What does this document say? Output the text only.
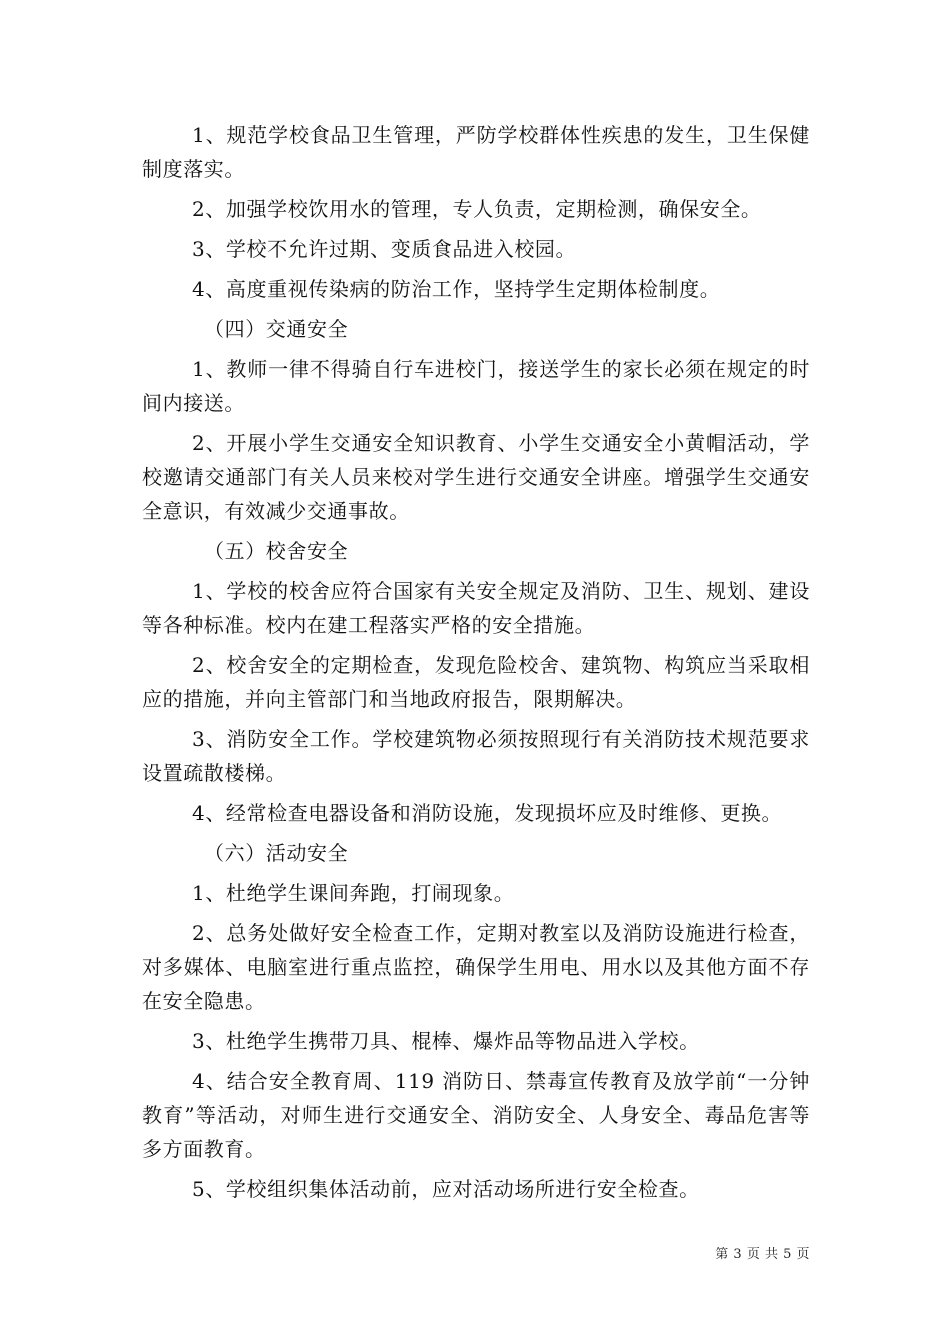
1、规范学校食品卫生管理，严防学校群体性疾患的发生，卫生保健制度落实。

2、加强学校饮用水的管理，专人负责，定期检测，确保安全。

3、学校不允许过期、变质食品进入校园。

4、高度重视传染病的防治工作，坚持学生定期体检制度。

（四）交通安全

1、教师一律不得骑自行车进校门，接送学生的家长必须在规定的时间内接送。

2、开展小学生交通安全知识教育、小学生交通安全小黄帽活动，学校邀请交通部门有关人员来校对学生进行交通安全讲座。增强学生交通安全意识，有效减少交通事故。

（五）校舍安全

1、学校的校舍应符合国家有关安全规定及消防、卫生、规划、建设等各种标准。校内在建工程落实严格的安全措施。

2、校舍安全的定期检查，发现危险校舍、建筑物、构筑应当采取相应的措施，并向主管部门和当地政府报告，限期解决。

3、消防安全工作。学校建筑物必须按照现行有关消防技术规范要求设置疏散楼梯。

4、经常检查电器设备和消防设施，发现损坏应及时维修、更换。

（六）活动安全

1、杜绝学生课间奔跑，打闹现象。

2、总务处做好安全检查工作，定期对教室以及消防设施进行检查，对多媒体、电脑室进行重点监控，确保学生用电、用水以及其他方面不存在安全隐患。

3、杜绝学生携带刀具、棍棒、爆炸品等物品进入学校。

4、结合安全教育周、119 消防日、禁毒宣传教育及放学前“一分钟教育”等活动，对师生进行交通安全、消防安全、人身安全、毒品危害等多方面教育。

5、学校组织集体活动前，应对活动场所进行安全检查。

第 3 页 共 5 页
